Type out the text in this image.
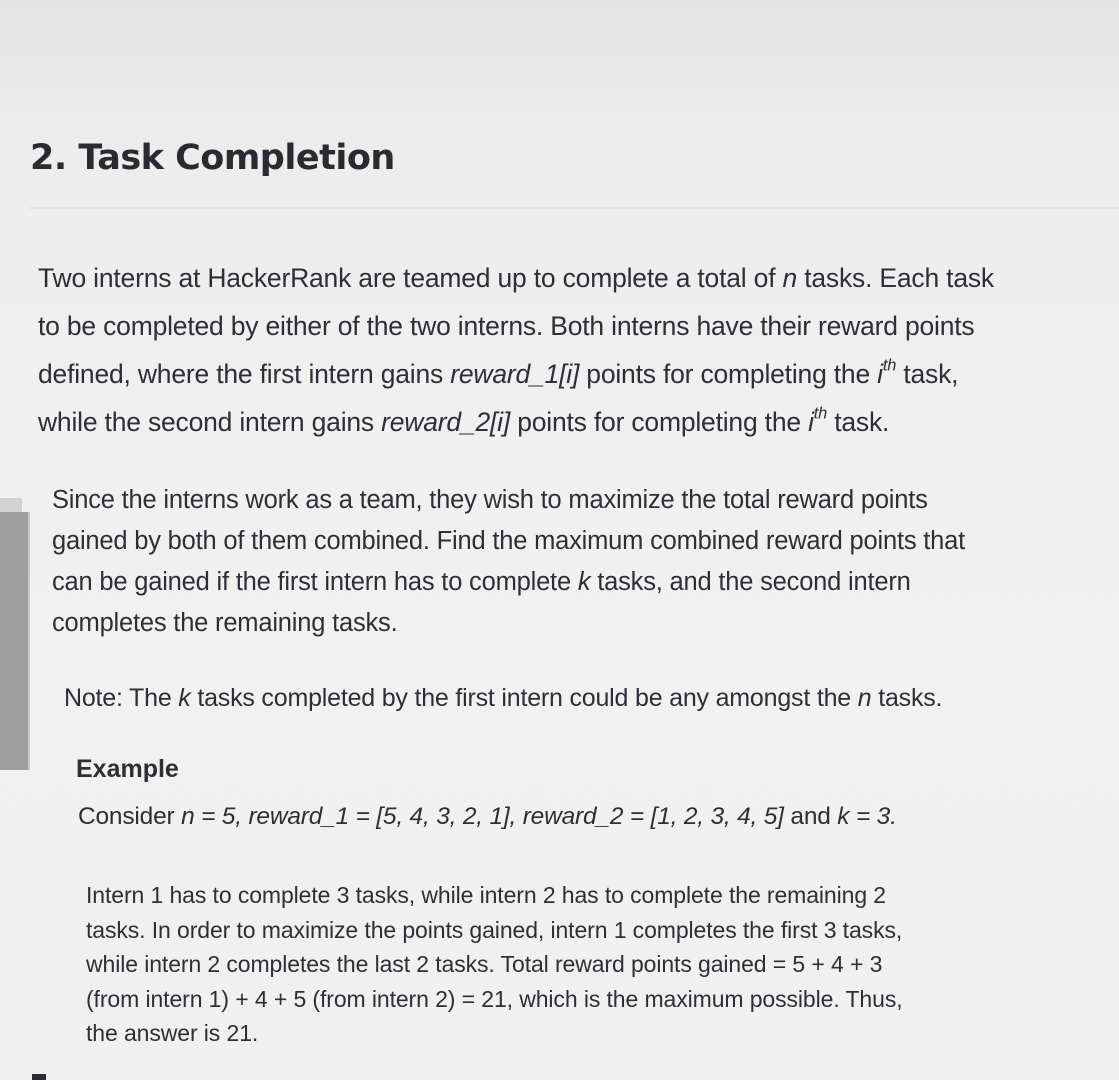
2. Task Completion

Two interns at HackerRank are teamed up to complete a total of n tasks. Each task
to be completed by either of the two interns. Both interns have their reward points
defined, where the first intern gains reward_1[i] points for completing the $i^{th}$ task,
while the second intern gains reward_2[i] points for completing the $i^{th}$ task.

Since the interns work as a team, they wish to maximize the total reward points
gained by both of them combined. Find the maximum combined reward points that
can be gained if the first intern has to complete k tasks, and the second intern
completes the remaining tasks.

Note: The k tasks completed by the first intern could be any amongst the n tasks.

Example

Consider n = 5, reward_1 = [5, 4, 3, 2, 1], reward_2 = [1, 2, 3, 4, 5] and k = 3.

Intern 1 has to complete 3 tasks, while intern 2 has to complete the remaining 2
tasks. In order to maximize the points gained, intern 1 completes the first 3 tasks,
while intern 2 completes the last 2 tasks. Total reward points gained = 5 + 4 + 3
(from intern 1) + 4 + 5 (from intern 2) = 21, which is the maximum possible. Thus,
the answer is 21.
